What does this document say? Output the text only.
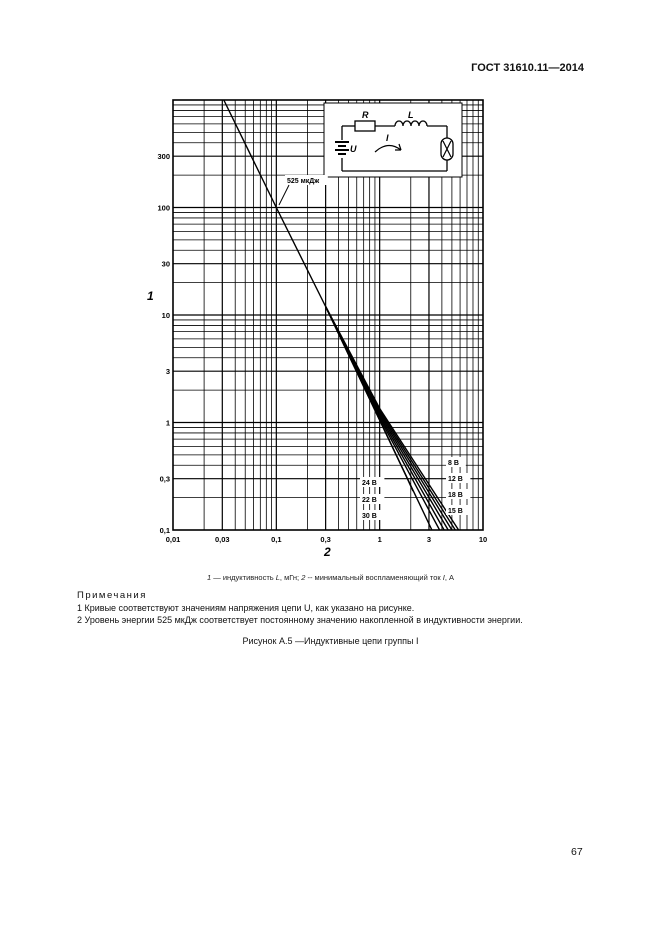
ГОСТ 31610.11—2014
0,01	0,03	0,1	0,3	1	3	10
0,1
0,3
1
3
10
30
100
300
525 мкДж
24 В
22 В
30 В
8 В
12 В
18 В
15 В
R	L
I
U
1
2
1 — индуктивность L, мГн; 2 -- минимальный воспламеняющий ток I, А
Примечания
1 Кривые соответствуют значениям напряжения цепи U, как указано на рисунке.
2 Уровень энергии 525 мкДж соответствует постоянному значению накопленной в индуктивности энергии.
Рисунок А.5 —Индуктивные цепи группы I
67
